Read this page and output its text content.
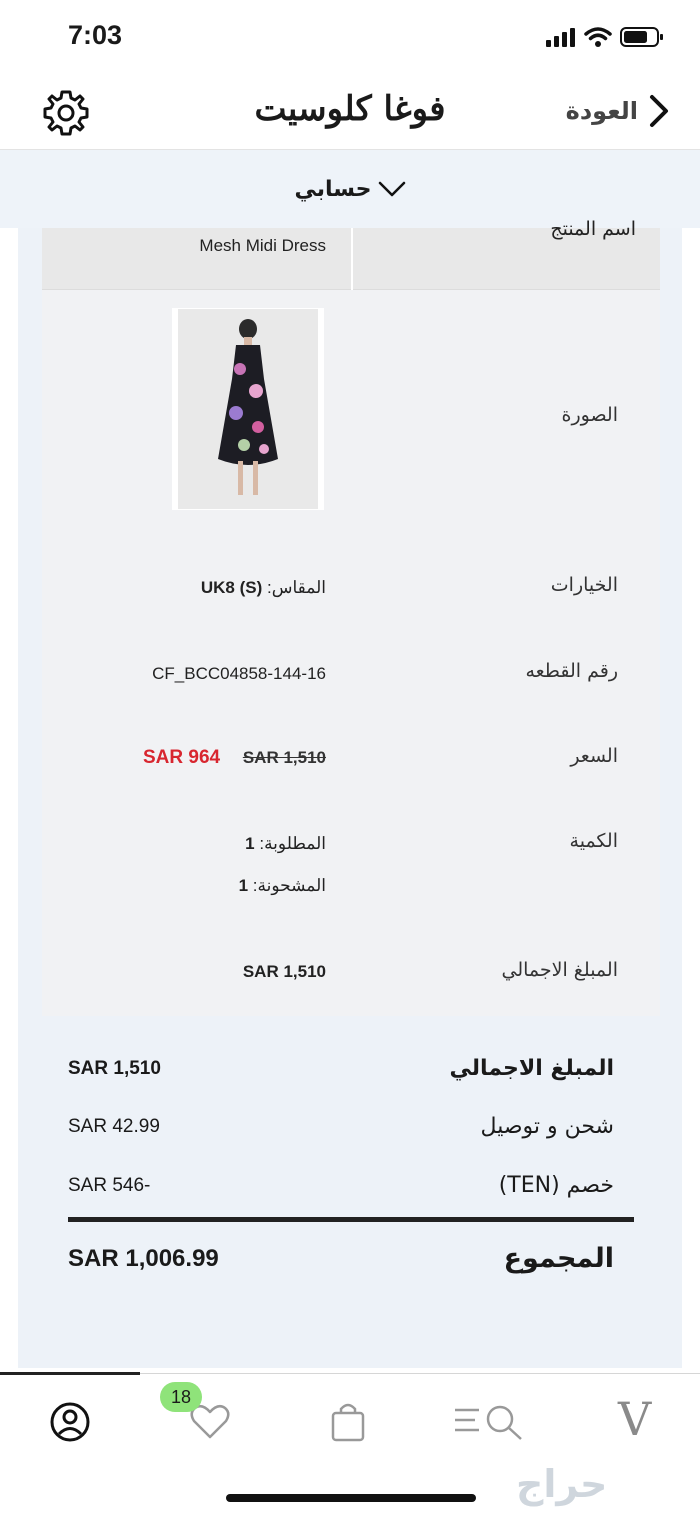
7:03
فوغا كلوسيت	العودة
حسابي
اسم المنتج
Mesh Midi Dress
الصورة
الخيارات
المقاس: UK8 (S)
رقم القطعه
CF_BCC04858-144-16
السعر
SAR 964 SAR 1,510
الكمية
المطلوبة: 1
المشحونة: 1
المبلغ الاجمالي
SAR 1,510
المبلغ الاجمالي
SAR 1,510
شحن و توصيل
SAR 42.99
(TEN) خصم
SAR 546-
المجموع
SAR 1,006.99
18	V
حراج
